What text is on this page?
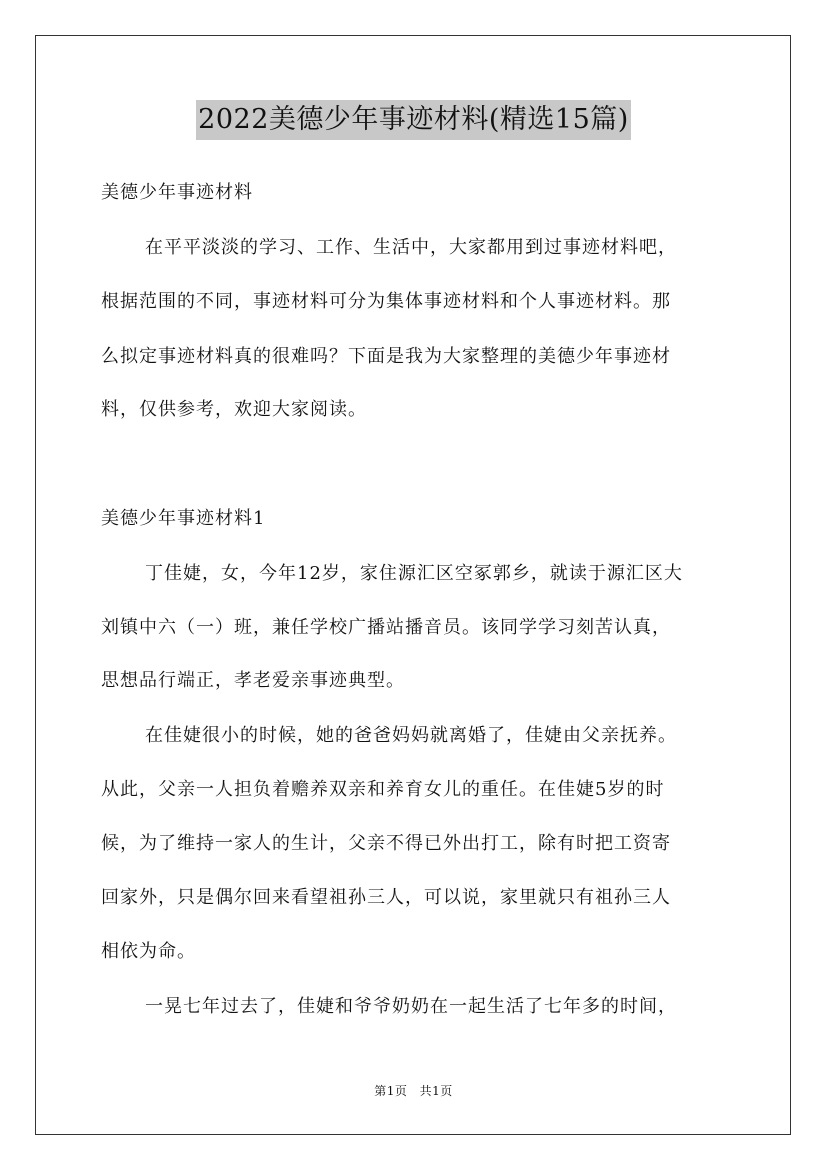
2022美德少年事迹材料(精选15篇)
美德少年事迹材料
在平平淡淡的学习、工作、生活中，大家都用到过事迹材料吧，
根据范围的不同，事迹材料可分为集体事迹材料和个人事迹材料。那
么拟定事迹材料真的很难吗？下面是我为大家整理的美德少年事迹材
料，仅供参考，欢迎大家阅读。
美德少年事迹材料1
丁佳婕，女，今年12岁，家住源汇区空冢郭乡，就读于源汇区大
刘镇中六（一）班，兼任学校广播站播音员。该同学学习刻苦认真，
思想品行端正，孝老爱亲事迹典型。
在佳婕很小的时候，她的爸爸妈妈就离婚了，佳婕由父亲抚养。
从此，父亲一人担负着赡养双亲和养育女儿的重任。在佳婕5岁的时
候，为了维持一家人的生计，父亲不得已外出打工，除有时把工资寄
回家外，只是偶尔回来看望祖孙三人，可以说，家里就只有祖孙三人
相依为命。
一晃七年过去了，佳婕和爷爷奶奶在一起生活了七年多的时间，
第1页 共1页
